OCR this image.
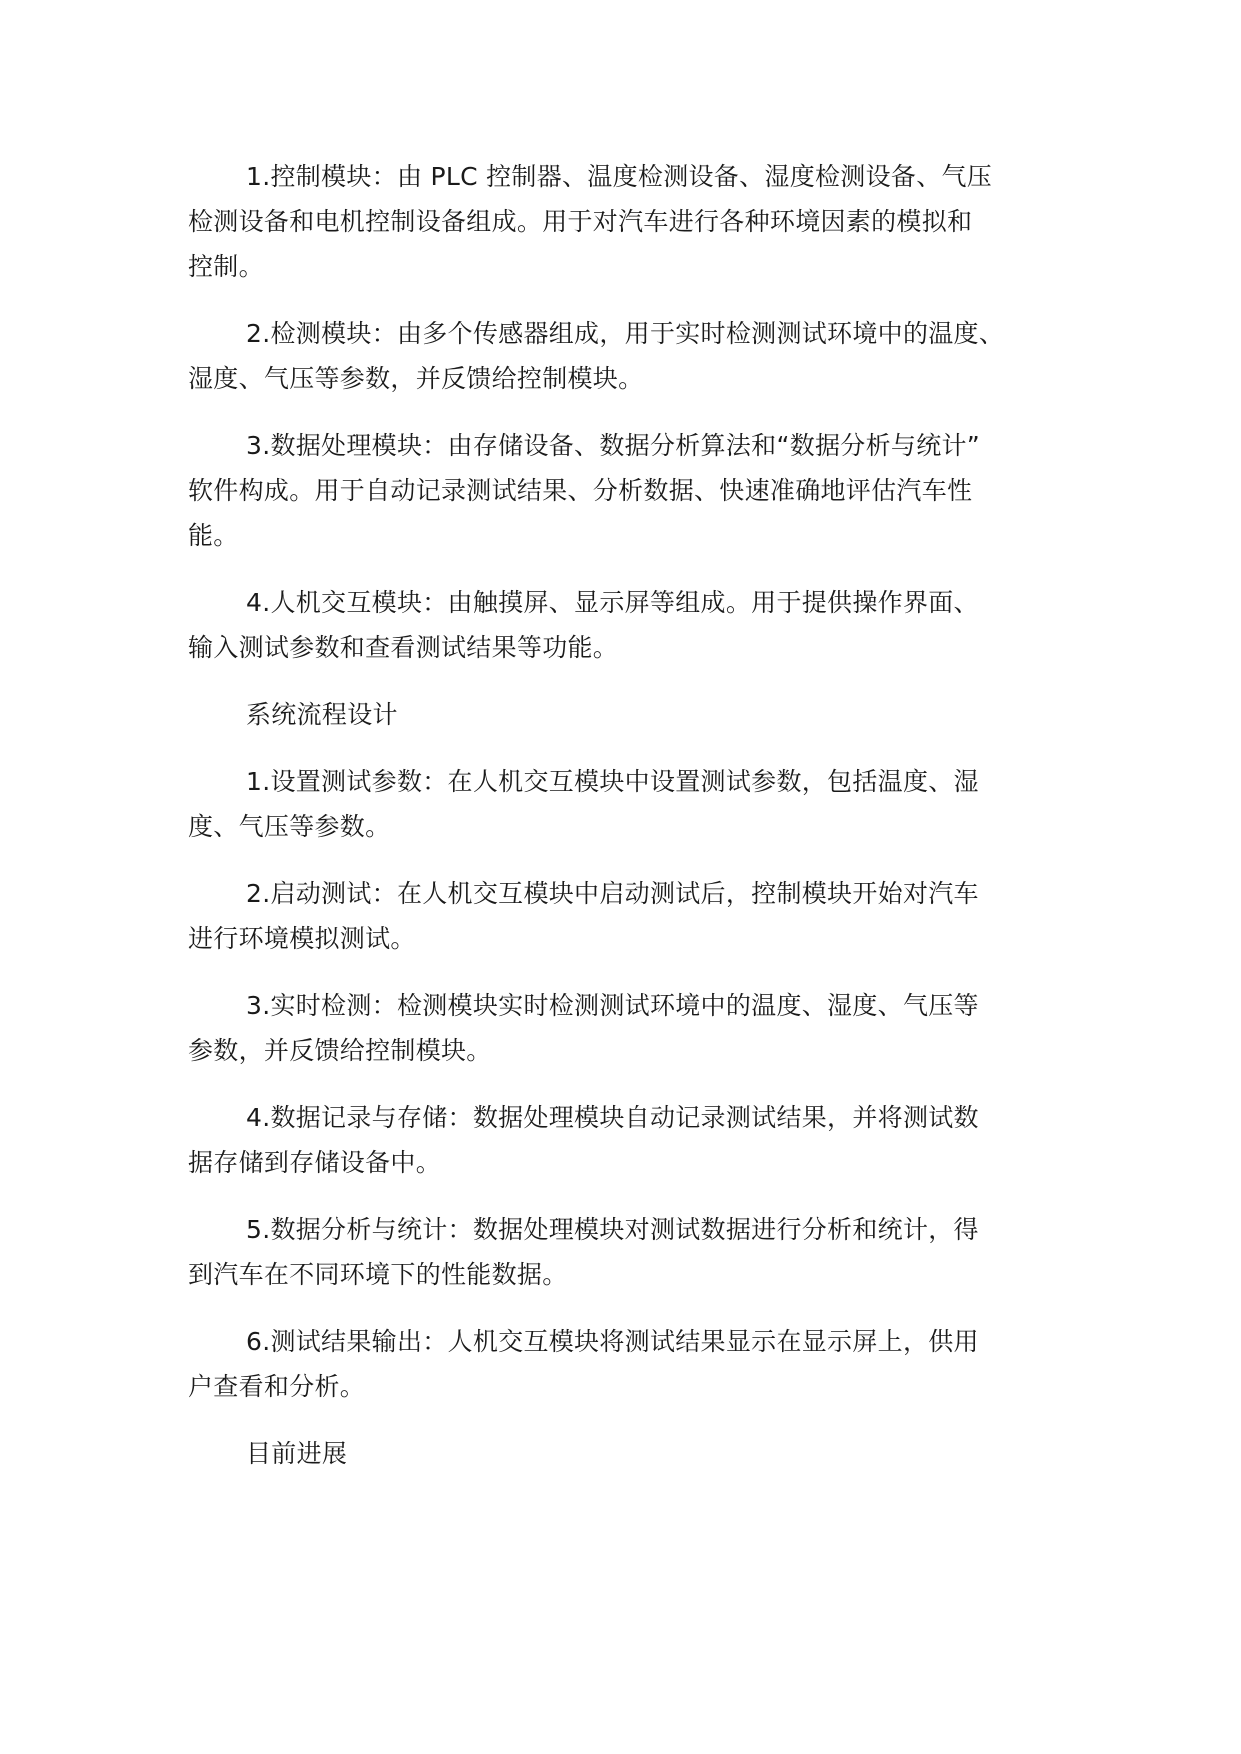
1.控制模块：由 PLC 控制器、温度检测设备、湿度检测设备、气压
检测设备和电机控制设备组成。用于对汽车进行各种环境因素的模拟和
控制。
2.检测模块：由多个传感器组成，用于实时检测测试环境中的温度、
湿度、气压等参数，并反馈给控制模块。
3.数据处理模块：由存储设备、数据分析算法和“数据分析与统计”
软件构成。用于自动记录测试结果、分析数据、快速准确地评估汽车性
能。
4.人机交互模块：由触摸屏、显示屏等组成。用于提供操作界面、
输入测试参数和查看测试结果等功能。
系统流程设计
1.设置测试参数：在人机交互模块中设置测试参数，包括温度、湿
度、气压等参数。
2.启动测试：在人机交互模块中启动测试后，控制模块开始对汽车
进行环境模拟测试。
3.实时检测：检测模块实时检测测试环境中的温度、湿度、气压等
参数，并反馈给控制模块。
4.数据记录与存储：数据处理模块自动记录测试结果，并将测试数
据存储到存储设备中。
5.数据分析与统计：数据处理模块对测试数据进行分析和统计，得
到汽车在不同环境下的性能数据。
6.测试结果输出：人机交互模块将测试结果显示在显示屏上，供用
户查看和分析。
目前进展
